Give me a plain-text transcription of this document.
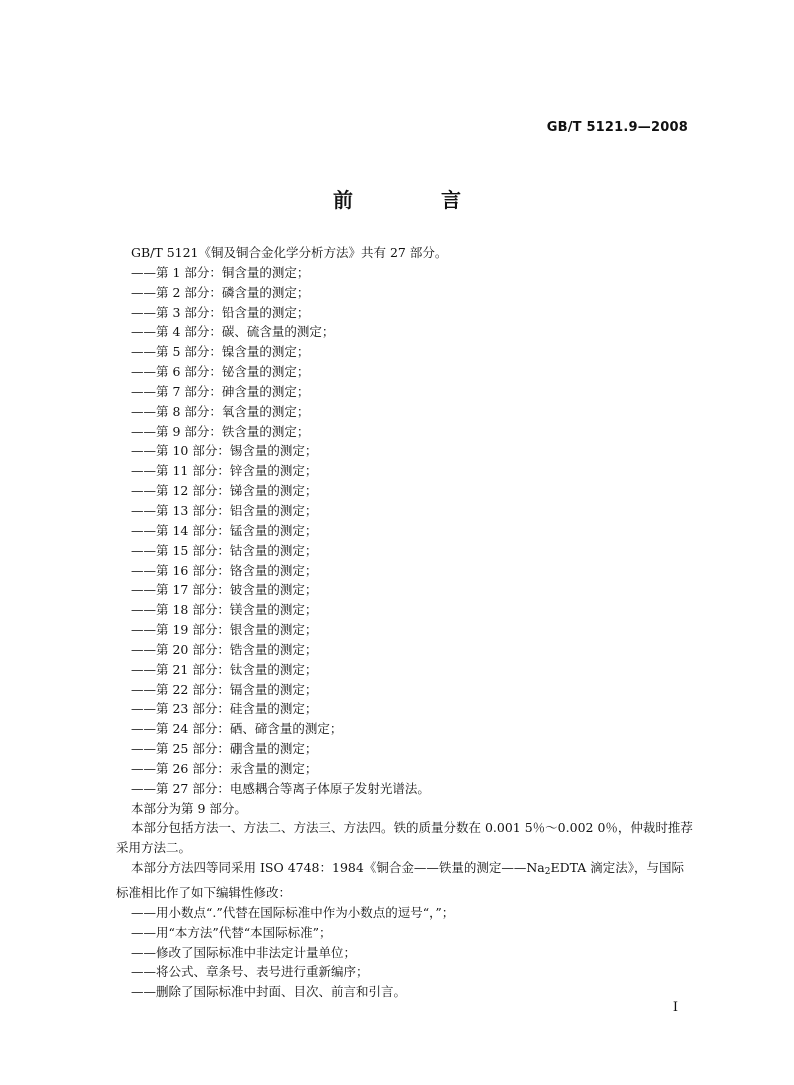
GB/T 5121.9—2008
前　言

GB/T 5121《铜及铜合金化学分析方法》共有 27 部分。

——第 1 部分：铜含量的测定；

——第 2 部分：磷含量的测定；

——第 3 部分：铅含量的测定；

——第 4 部分：碳、硫含量的测定；

——第 5 部分：镍含量的测定；

——第 6 部分：铋含量的测定；

——第 7 部分：砷含量的测定；

——第 8 部分：氧含量的测定；

——第 9 部分：铁含量的测定；

——第 10 部分：锡含量的测定；

——第 11 部分：锌含量的测定；

——第 12 部分：锑含量的测定；

——第 13 部分：铝含量的测定；

——第 14 部分：锰含量的测定；

——第 15 部分：钴含量的测定；

——第 16 部分：铬含量的测定；

——第 17 部分：铍含量的测定；

——第 18 部分：镁含量的测定；

——第 19 部分：银含量的测定；

——第 20 部分：锆含量的测定；

——第 21 部分：钛含量的测定；

——第 22 部分：镉含量的测定；

——第 23 部分：硅含量的测定；

——第 24 部分：硒、碲含量的测定；

——第 25 部分：硼含量的测定；

——第 26 部分：汞含量的测定；

——第 27 部分：电感耦合等离子体原子发射光谱法。

本部分为第 9 部分。

本部分包括方法一、方法二、方法三、方法四。铁的质量分数在 0.001 5％～0.002 0％，仲裁时推荐采用方法二。

本部分方法四等同采用 ISO 4748：1984《铜合金——铁量的测定$——Na_2EDTA$ 滴定法》，与国际标准相比作了如下编辑性修改：

——用小数点“.”代替在国际标准中作为小数点的逗号“，”；

——用“本方法”代替“本国际标准”；

——修改了国际标准中非法定计量单位；

——将公式、章条号、表号进行重新编序；

——删除了国际标准中封面、目次、前言和引言。

I
